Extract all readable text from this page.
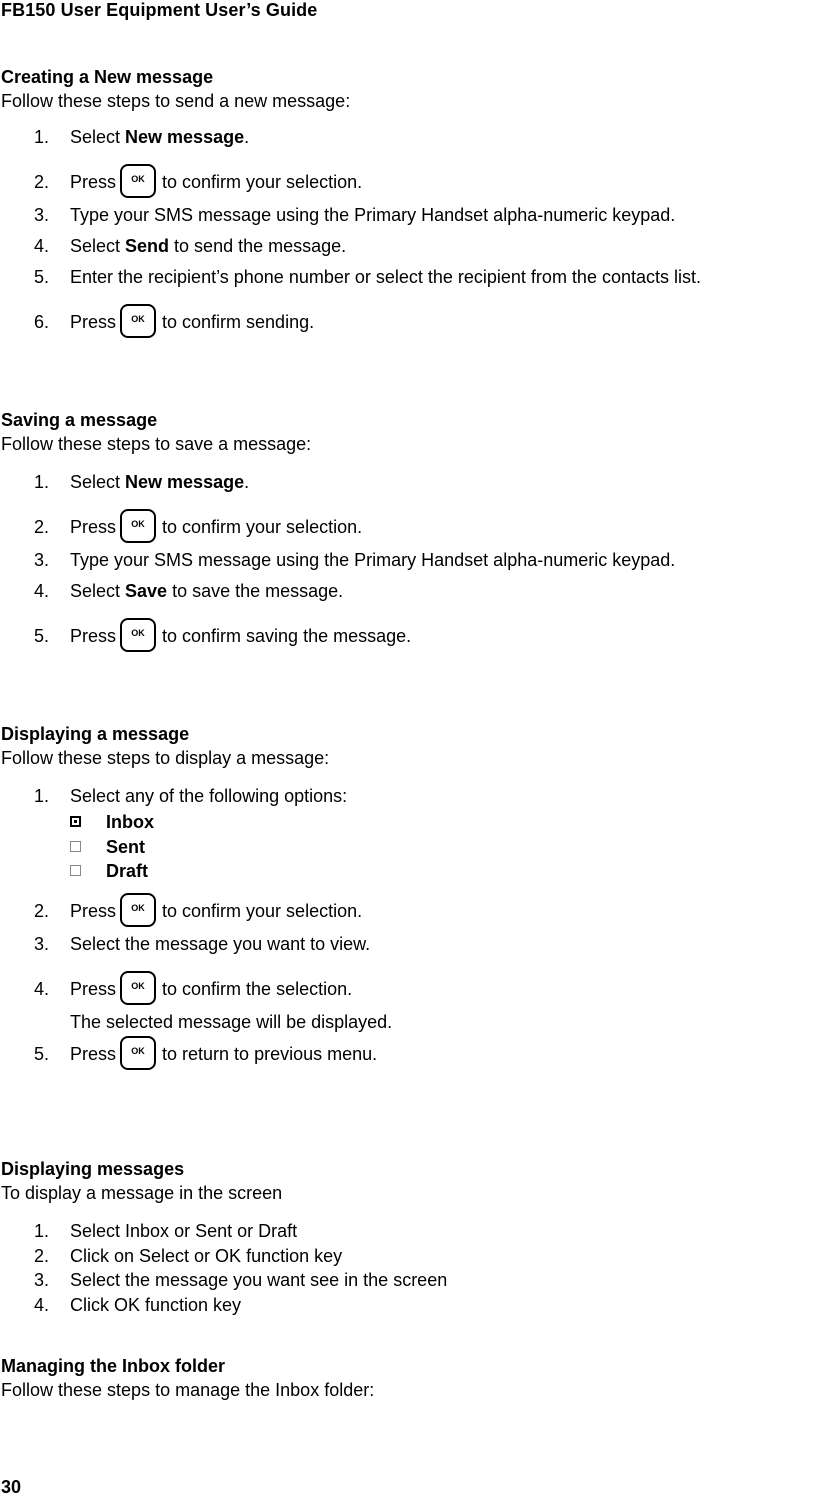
FB150 User Equipment User’s Guide
Creating a New message
Follow these steps to send a new message:
1. Select New message.
2. Press OK to confirm your selection.
3. Type your SMS message using the Primary Handset alpha-numeric keypad.
4. Select Send to send the message.
5. Enter the recipient’s phone number or select the recipient from the contacts list.
6. Press OK to confirm sending.
Saving a message
Follow these steps to save a message:
1. Select New message.
2. Press OK to confirm your selection.
3. Type your SMS message using the Primary Handset alpha-numeric keypad.
4. Select Save to save the message.
5. Press OK to confirm saving the message.
Displaying a message
Follow these steps to display a message:
1. Select any of the following options:
Inbox
Sent
Draft
2. Press OK to confirm your selection.
3. Select the message you want to view.
4. Press OK to confirm the selection.
The selected message will be displayed.
5. Press OK to return to previous menu.
Displaying messages
To display a message in the screen
1. Select Inbox or Sent or Draft
2. Click on Select or OK function key
3. Select the message you want see in the screen
4. Click OK function key
Managing the Inbox folder
Follow these steps to manage the Inbox folder:
30
